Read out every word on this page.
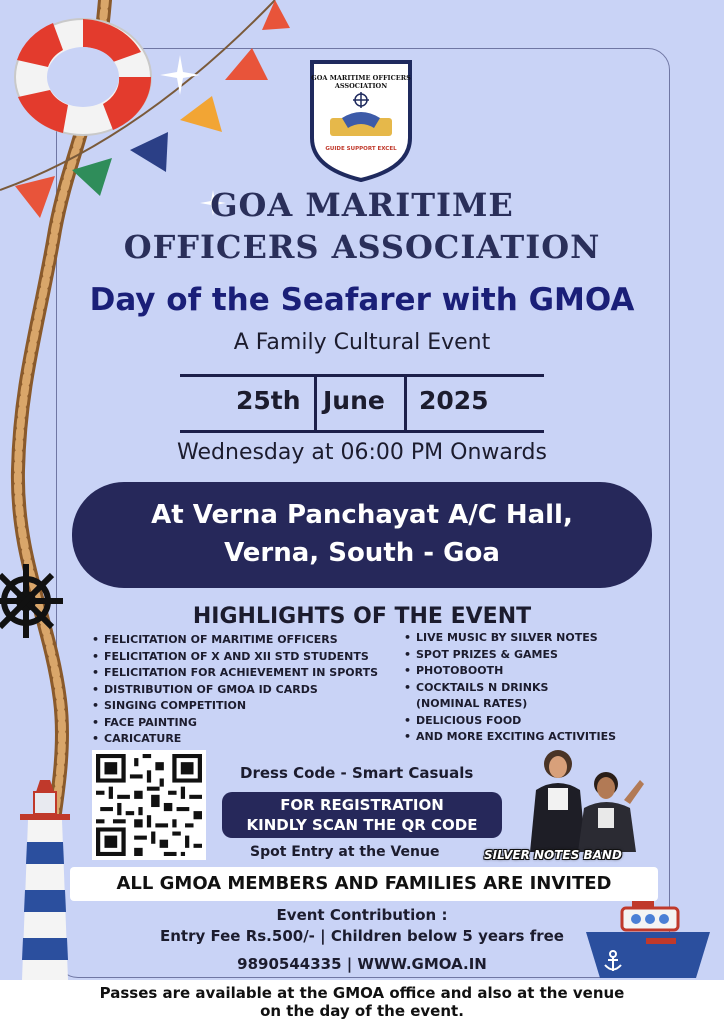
GOA MARITIME OFFICERS
ASSOCIATION
GUIDE SUPPORT EXCEL
GOA MARITIME
OFFICERS ASSOCIATION
Day of the Seafarer with GMOA
A Family Cultural Event
25th June 2025
Wednesday at 06:00 PM Onwards
At Verna Panchayat A/C Hall,
Verna, South - Goa
HIGHLIGHTS OF THE EVENT
• FELICITATION OF MARITIME OFFICERS
• FELICITATION OF X AND XII STD STUDENTS
• FELICITATION FOR ACHIEVEMENT IN SPORTS
• DISTRIBUTION OF GMOA ID CARDS
• SINGING COMPETITION
• FACE PAINTING
• CARICATURE
• LIVE MUSIC BY SILVER NOTES
• SPOT PRIZES & GAMES
• PHOTOBOOTH
• COCKTAILS N DRINKS
(NOMINAL RATES)
• DELICIOUS FOOD
• AND MORE EXCITING ACTIVITIES
Dress Code - Smart Casuals
FOR REGISTRATION
KINDLY SCAN THE QR CODE
Spot Entry at the Venue	SILVER NOTES BAND
ALL GMOA MEMBERS AND FAMILIES ARE INVITED
Event Contribution :
Entry Fee Rs.500/- | Children below 5 years free
9890544335 | WWW.GMOA.IN
Passes are available at the GMOA office and also at the venue
on the day of the event.
